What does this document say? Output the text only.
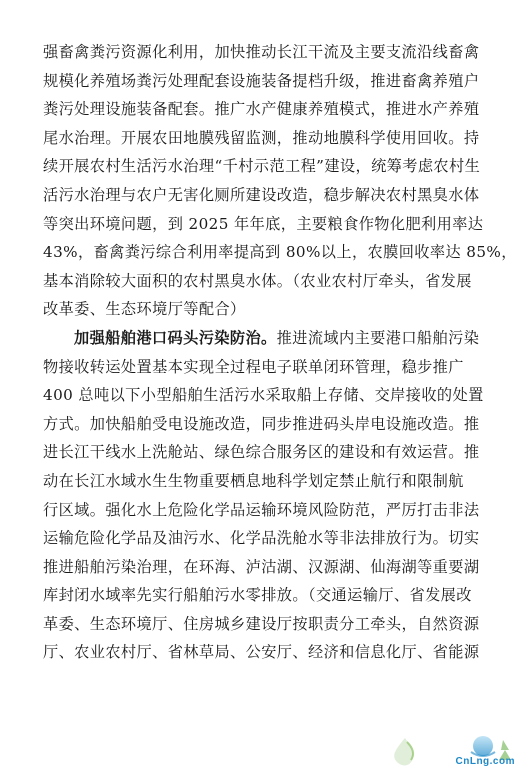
强畜禽粪污资源化利用，加快推动长江干流及主要支流沿线畜禽
规模化养殖场粪污处理配套设施装备提档升级，推进畜禽养殖户
粪污处理设施装备配套。推广水产健康养殖模式，推进水产养殖
尾水治理。开展农田地膜残留监测，推动地膜科学使用回收。持
续开展农村生活污水治理“千村示范工程”建设，统筹考虑农村生
活污水治理与农户无害化厕所建设改造，稳步解决农村黑臭水体
等突出环境问题，到 2025 年年底，主要粮食作物化肥利用率达
43%，畜禽粪污综合利用率提高到 80%以上，农膜回收率达 85%，
基本消除较大面积的农村黑臭水体。（农业农村厅牵头，省发展
改革委、生态环境厅等配合）
加强船舶港口码头污染防治。推进流域内主要港口船舶污染
物接收转运处置基本实现全过程电子联单闭环管理，稳步推广
400 总吨以下小型船舶生活污水采取船上存储、交岸接收的处置
方式。加快船舶受电设施改造，同步推进码头岸电设施改造。推
进长江干线水上洗舱站、绿色综合服务区的建设和有效运营。推
动在长江水域水生生物重要栖息地科学划定禁止航行和限制航
行区域。强化水上危险化学品运输环境风险防范，严厉打击非法
运输危险化学品及油污水、化学品洗舱水等非法排放行为。切实
推进船舶污染治理，在环海、泸沽湖、汉源湖、仙海湖等重要湖
库封闭水域率先实行船舶污水零排放。（交通运输厅、省发展改
革委、生态环境厅、住房城乡建设厅按职责分工牵头，自然资源
厅、农业农村厅、省林草局、公安厅、经济和信息化厅、省能源
CnLng.com
